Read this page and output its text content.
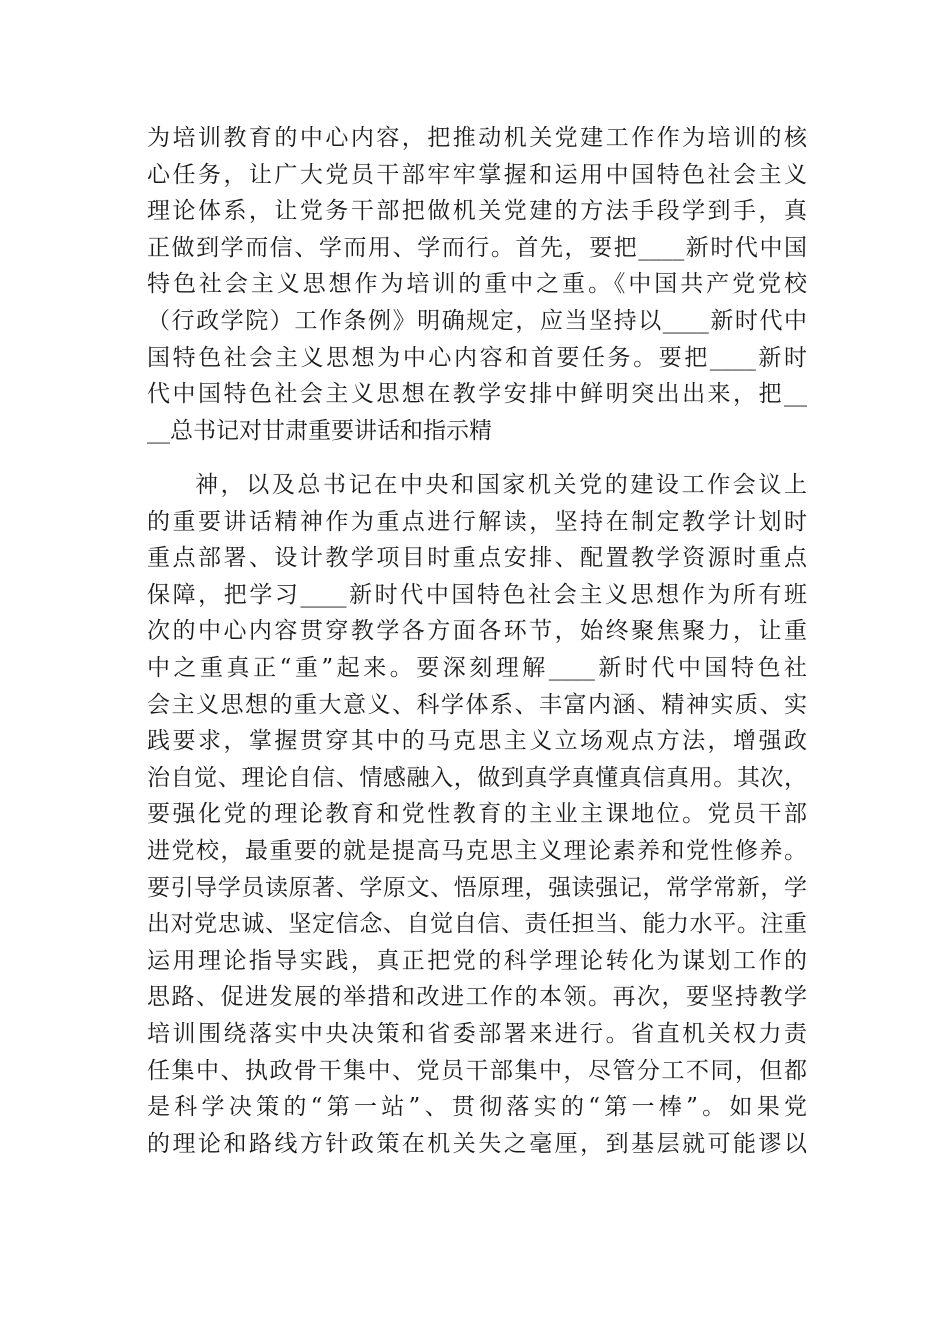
为培训教育的中心内容，把推动机关党建工作作为培训的核
心任务，让广大党员干部牢牢掌握和运用中国特色社会主义
理论体系，让党务干部把做机关党建的方法手段学到手，真
正做到学而信、学而用、学而行。首先，要把____新时代中国
特色社会主义思想作为培训的重中之重。《中国共产党党校
（行政学院）工作条例》明确规定，应当坚持以____新时代中
国特色社会主义思想为中心内容和首要任务。要把____新时
代中国特色社会主义思想在教学安排中鲜明突出出来，把__
__总书记对甘肃重要讲话和指示精
神，以及总书记在中央和国家机关党的建设工作会议上
的重要讲话精神作为重点进行解读，坚持在制定教学计划时
重点部署、设计教学项目时重点安排、配置教学资源时重点
保障，把学习____新时代中国特色社会主义思想作为所有班
次的中心内容贯穿教学各方面各环节，始终聚焦聚力，让重
中之重真正“重”起来。要深刻理解____新时代中国特色社
会主义思想的重大意义、科学体系、丰富内涵、精神实质、实
践要求，掌握贯穿其中的马克思主义立场观点方法，增强政
治自觉、理论自信、情感融入，做到真学真懂真信真用。其次，
要强化党的理论教育和党性教育的主业主课地位。党员干部
进党校，最重要的就是提高马克思主义理论素养和党性修养。
要引导学员读原著、学原文、悟原理，强读强记，常学常新，学
出对党忠诚、坚定信念、自觉自信、责任担当、能力水平。注重
运用理论指导实践，真正把党的科学理论转化为谋划工作的
思路、促进发展的举措和改进工作的本领。再次，要坚持教学
培训围绕落实中央决策和省委部署来进行。省直机关权力责
任集中、执政骨干集中、党员干部集中，尽管分工不同，但都
是科学决策的“第一站”、贯彻落实的“第一棒”。如果党
的理论和路线方针政策在机关失之毫厘，到基层就可能谬以
